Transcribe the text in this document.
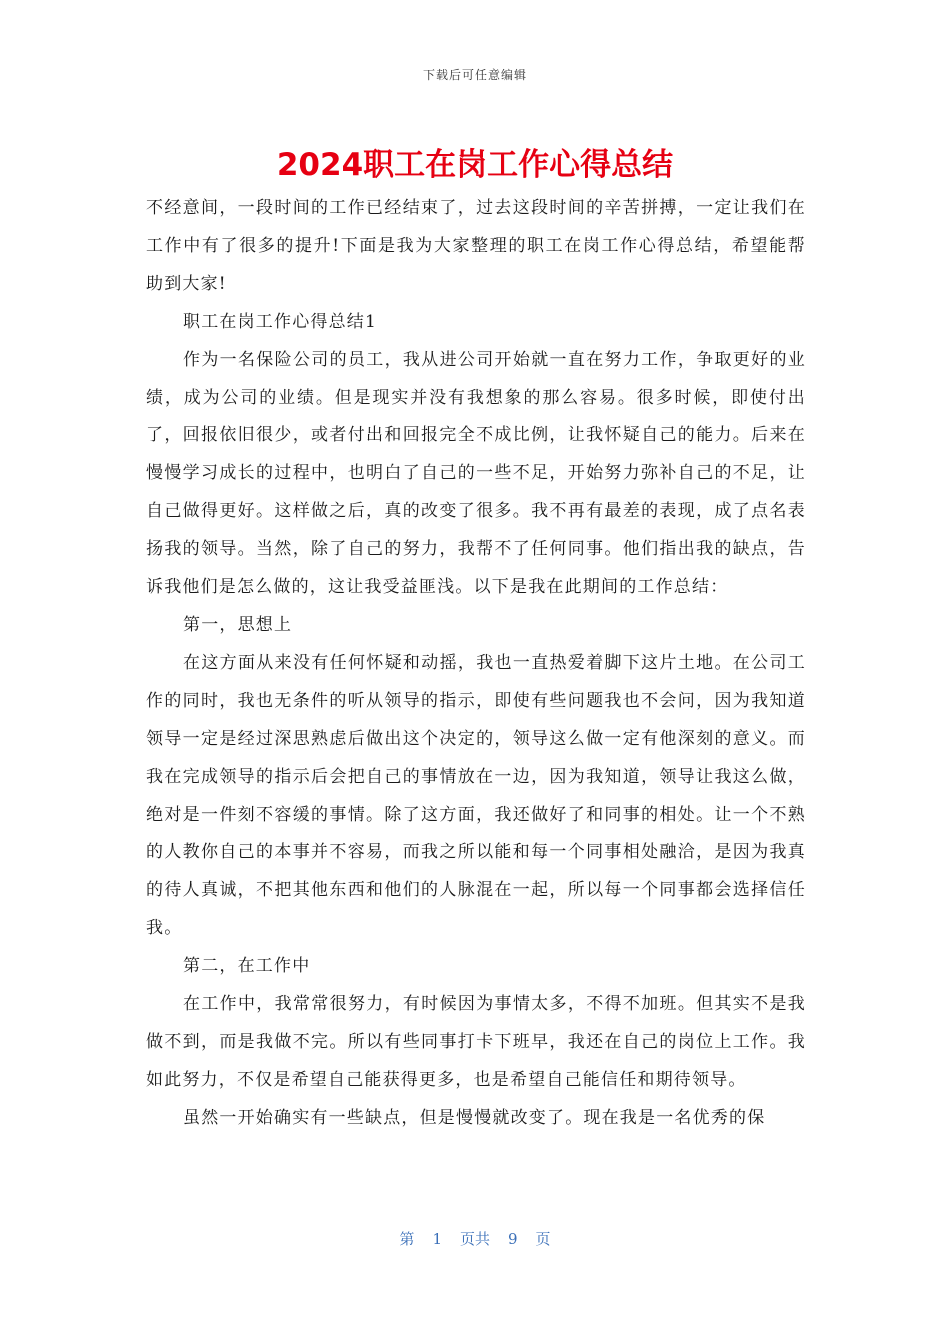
下载后可任意编辑
2024职工在岗工作心得总结

不经意间，一段时间的工作已经结束了，过去这段时间的辛苦拼搏，一定让我们在工作中有了很多的提升!下面是我为大家整理的职工在岗工作心得总结，希望能帮助到大家!

职工在岗工作心得总结1

作为一名保险公司的员工，我从进公司开始就一直在努力工作，争取更好的业绩，成为公司的业绩。但是现实并没有我想象的那么容易。很多时候，即使付出了，回报依旧很少，或者付出和回报完全不成比例，让我怀疑自己的能力。后来在慢慢学习成长的过程中，也明白了自己的一些不足，开始努力弥补自己的不足，让自己做得更好。这样做之后，真的改变了很多。我不再有最差的表现，成了点名表扬我的领导。当然，除了自己的努力，我帮不了任何同事。他们指出我的缺点，告诉我他们是怎么做的，这让我受益匪浅。以下是我在此期间的工作总结：

第一，思想上

在这方面从来没有任何怀疑和动摇，我也一直热爱着脚下这片土地。在公司工作的同时，我也无条件的听从领导的指示，即使有些问题我也不会问，因为我知道领导一定是经过深思熟虑后做出这个决定的，领导这么做一定有他深刻的意义。而我在完成领导的指示后会把自己的事情放在一边，因为我知道，领导让我这么做，绝对是一件刻不容缓的事情。除了这方面，我还做好了和同事的相处。让一个不熟的人教你自己的本事并不容易，而我之所以能和每一个同事相处融洽，是因为我真的待人真诚，不把其他东西和他们的人脉混在一起，所以每一个同事都会选择信任我。

第二，在工作中

在工作中，我常常很努力，有时候因为事情太多，不得不加班。但其实不是我做不到，而是我做不完。所以有些同事打卡下班早，我还在自己的岗位上工作。我如此努力，不仅是希望自己能获得更多，也是希望自己能信任和期待领导。

虽然一开始确实有一些缺点，但是慢慢就改变了。现在我是一名优秀的保

第 1 页共 9 页
